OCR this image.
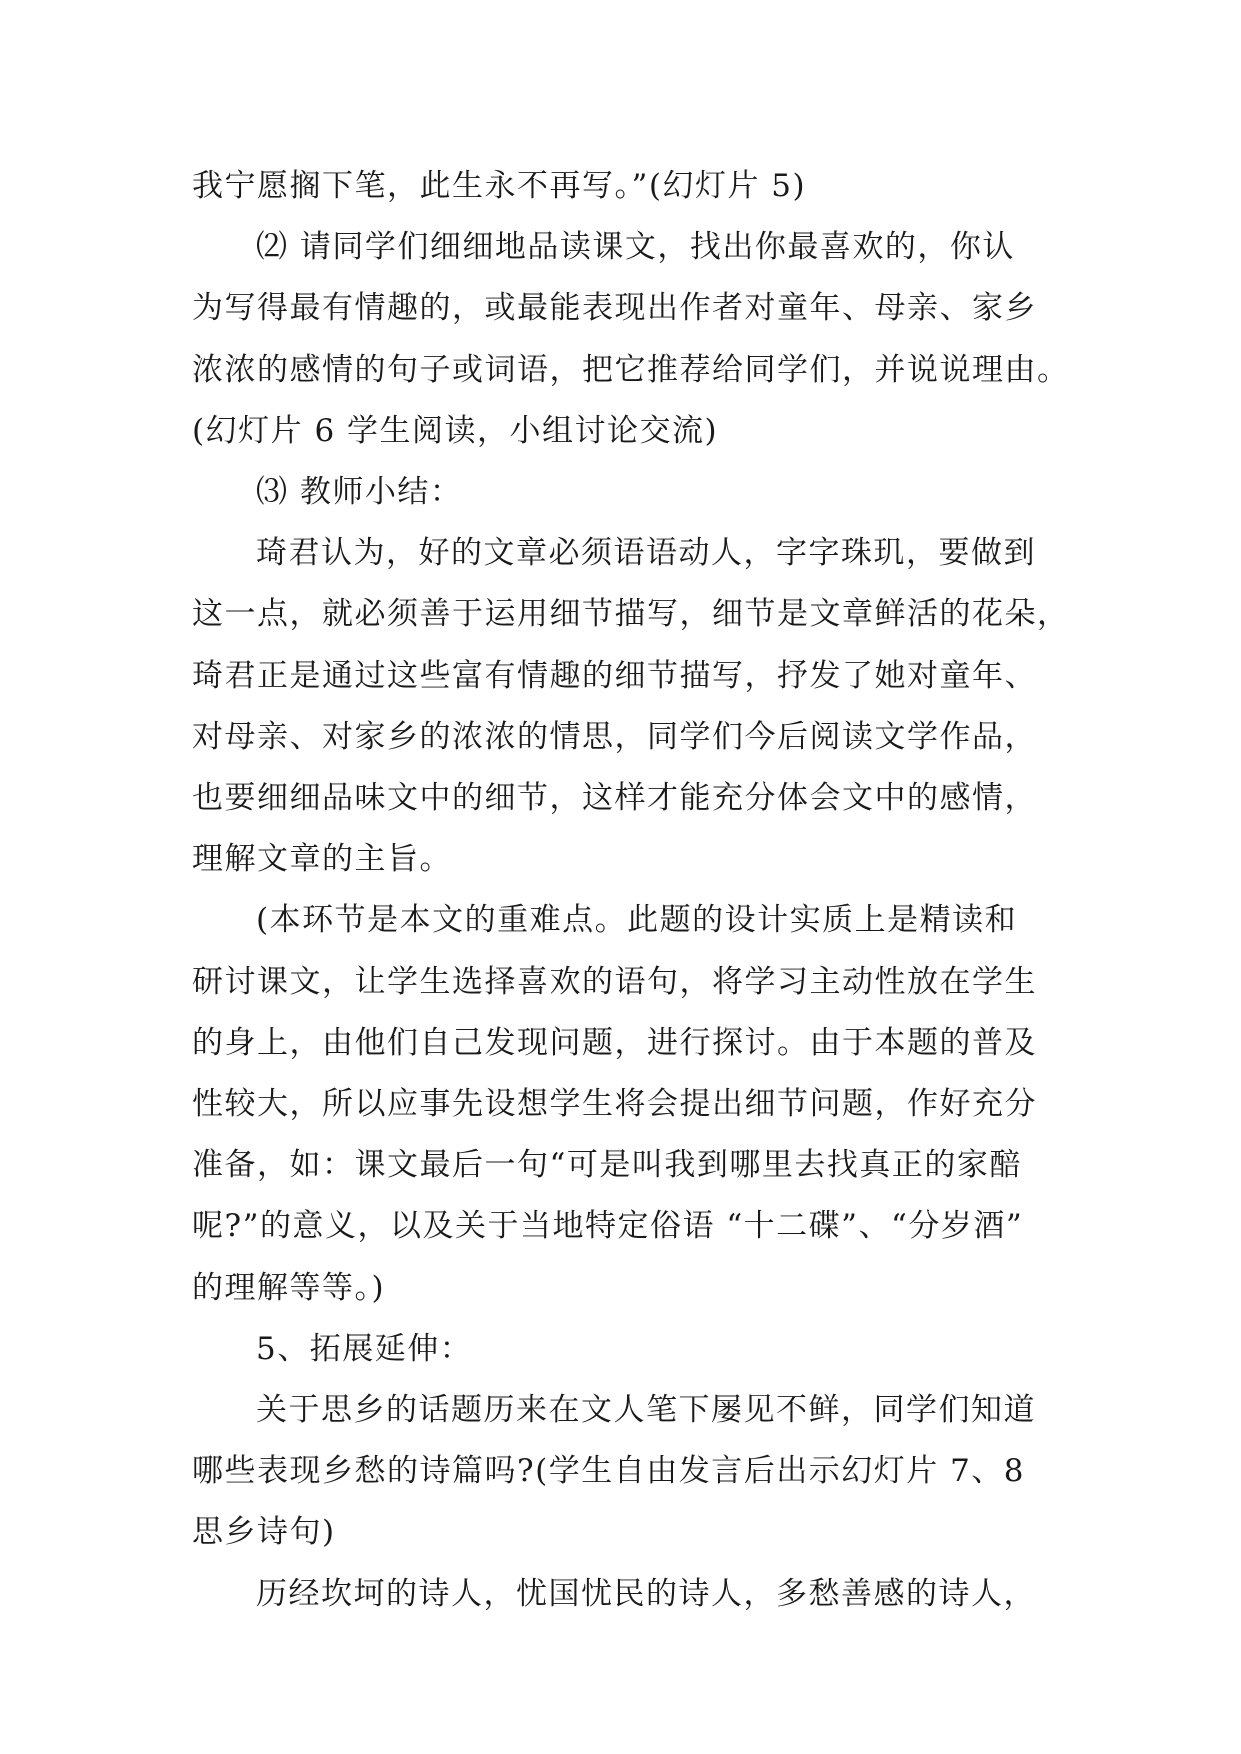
我宁愿搁下笔，此生永不再写。”(幻灯片 5)
⑵ 请同学们细细地品读课文，找出你最喜欢的，你认
为写得最有情趣的，或最能表现出作者对童年、母亲、家乡
浓浓的感情的句子或词语，把它推荐给同学们，并说说理由。
(幻灯片 6 学生阅读，小组讨论交流)
⑶ 教师小结：
琦君认为，好的文章必须语语动人，字字珠玑，要做到
这一点，就必须善于运用细节描写，细节是文章鲜活的花朵，
琦君正是通过这些富有情趣的细节描写，抒发了她对童年、
对母亲、对家乡的浓浓的情思，同学们今后阅读文学作品，
也要细细品味文中的细节，这样才能充分体会文中的感情，
理解文章的主旨。
(本环节是本文的重难点。此题的设计实质上是精读和
研讨课文，让学生选择喜欢的语句，将学习主动性放在学生
的身上，由他们自己发现问题，进行探讨。由于本题的普及
性较大，所以应事先设想学生将会提出细节问题，作好充分
准备，如：课文最后一句“可是叫我到哪里去找真正的家醅
呢?”的意义，以及关于当地特定俗语 “十二碟”、“分岁酒”
的理解等等。)
5、拓展延伸：
关于思乡的话题历来在文人笔下屡见不鲜，同学们知道
哪些表现乡愁的诗篇吗?(学生自由发言后出示幻灯片 7、8
思乡诗句)
历经坎坷的诗人，忧国忧民的诗人，多愁善感的诗人，
